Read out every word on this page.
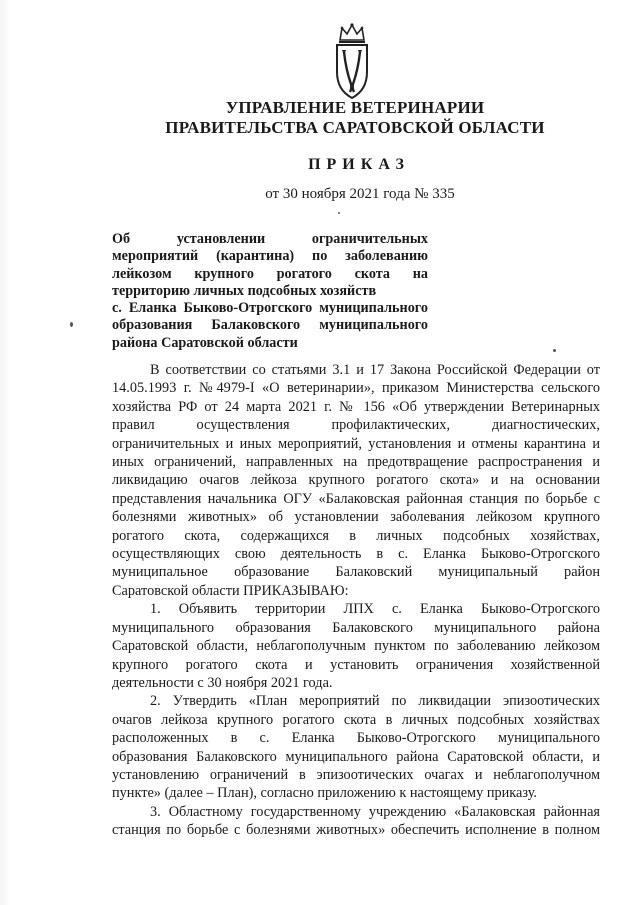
УПРАВЛЕНИЕ ВЕТЕРИНАРИИ
ПРАВИТЕЛЬСТВА САРАТОВСКОЙ ОБЛАСТИ
ПРИКАЗ
от 30 ноября 2021 года № 335
Об установлении ограничительных
мероприятий (карантина) по заболеванию
лейкозом крупного рогатого скота на
территорию личных подсобных хозяйств
с. Еланка Быково-Отрогского муниципального
образования Балаковского муниципального
района Саратовской области
В соответствии со статьями 3.1 и 17 Закона Российской Федерации от
14.05.1993 г. №4979-I «О ветеринарии», приказом Министерства сельского
хозяйства РФ от 24 марта 2021 г. № 156 «Об утверждении Ветеринарных
правил осуществления профилактических, диагностических,
ограничительных и иных мероприятий, установления и отмены карантина и
иных ограничений, направленных на предотвращение распространения и
ликвидацию очагов лейкоза крупного рогатого скота» и на основании
представления начальника ОГУ «Балаковская районная станция по борьбе с
болезнями животных» об установлении заболевания лейкозом крупного
рогатого скота, содержащихся в личных подсобных хозяйствах,
осуществляющих свою деятельность в с. Еланка Быково-Отрогского
муниципальное образование Балаковский муниципальный район
Саратовской области ПРИКАЗЫВАЮ:
1. Объявить территории ЛПХ с. Еланка Быково-Отрогского
муниципального образования Балаковского муниципального района
Саратовской области, неблагополучным пунктом по заболеванию лейкозом
крупного рогатого скота и установить ограничения хозяйственной
деятельности с 30 ноября 2021 года.
2. Утвердить «План мероприятий по ликвидации эпизоотических
очагов лейкоза крупного рогатого скота в личных подсобных хозяйствах
расположенных в с. Еланка Быково-Отрогского муниципального
образования Балаковского муниципального района Саратовской области, и
установлению ограничений в эпизоотических очагах и неблагополучном
пункте» (далее – План), согласно приложению к настоящему приказу.
3. Областному государственному учреждению «Балаковская районная
станция по борьбе с болезнями животных» обеспечить исполнение в полном
